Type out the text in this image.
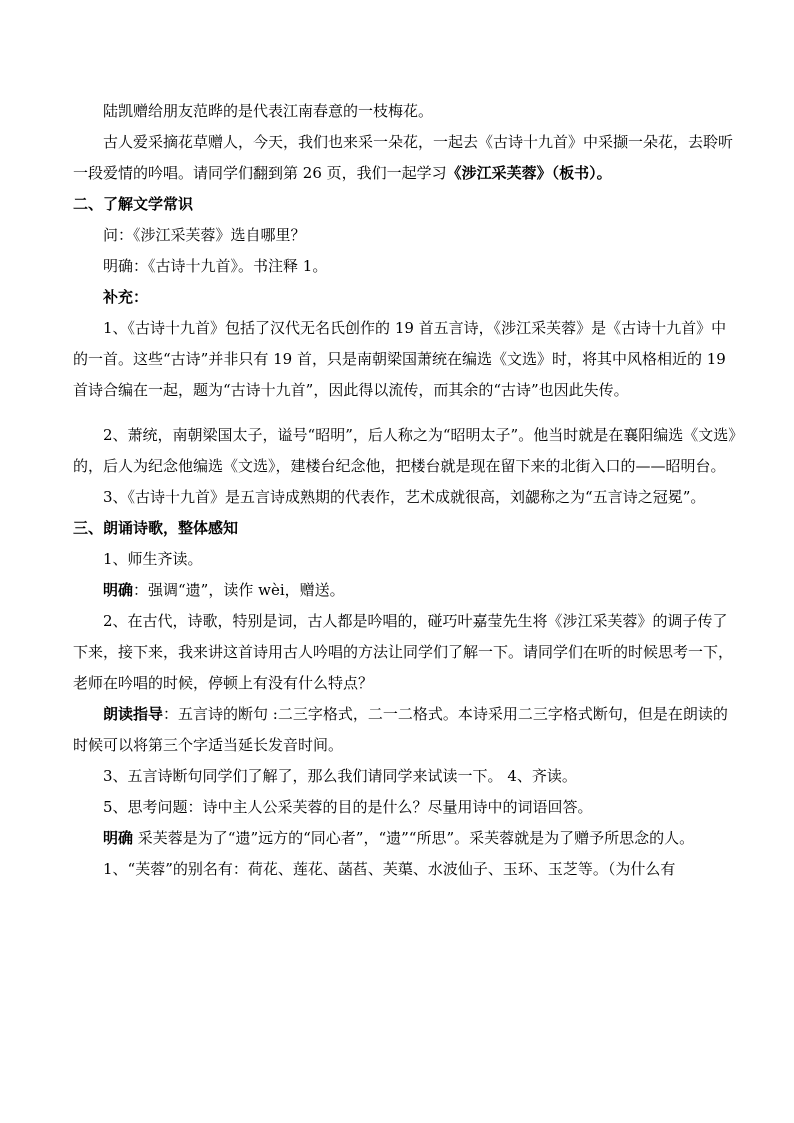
陆凯赠给朋友范晔的是代表江南春意的一枝梅花。

古人爱采摘花草赠人，今天，我们也来采一朵花，一起去《古诗十九首》中采撷一朵花，去聆听一段爱情的吟唱。请同学们翻到第 26 页，我们一起学习《涉江采芙蓉》（板书）。

二、了解文学常识

问：《涉江采芙蓉》选自哪里？

明确：《古诗十九首》。书注释 1。

补充：

1、《古诗十九首》包括了汉代无名氏创作的 19 首五言诗，《涉江采芙蓉》是《古诗十九首》中的一首。这些“古诗”并非只有 19 首，只是南朝梁国萧统在编选《文选》时，将其中风格相近的 19 首诗合编在一起，题为“古诗十九首”，因此得以流传，而其余的“古诗”也因此失传。

2、萧统，南朝梁国太子，谥号“昭明”，后人称之为“昭明太子”。他当时就是在襄阳编选《文选》的，后人为纪念他编选《文选》，建楼台纪念他，把楼台就是现在留下来的北街入口的——昭明台。

3、《古诗十九首》是五言诗成熟期的代表作，艺术成就很高，刘勰称之为“五言诗之冠冕”。

三、朗诵诗歌，整体感知

1、师生齐读。

明确：强调“遗”，读作 wèi，赠送。

2、在古代，诗歌，特别是词，古人都是吟唱的，碰巧叶嘉莹先生将《涉江采芙蓉》的调子传了下来，接下来，我来讲这首诗用古人吟唱的方法让同学们了解一下。请同学们在听的时候思考一下，老师在吟唱的时候，停顿上有没有什么特点？

朗读指导：五言诗的断句 :二三字格式，二一二格式。本诗采用二三字格式断句，但是在朗读的时候可以将第三个字适当延长发音时间。

3、五言诗断句同学们了解了，那么我们请同学来试读一下。 4、齐读。

5、思考问题：诗中主人公采芙蓉的目的是什么？尽量用诗中的词语回答。

明确 采芙蓉是为了“遗”远方的“同心者”，“遗”“所思”。采芙蓉就是为了赠予所思念的人。

1、“芙蓉”的别名有：荷花、莲花、菡萏、芙蕖、水波仙子、玉环、玉芝等。（为什么有
